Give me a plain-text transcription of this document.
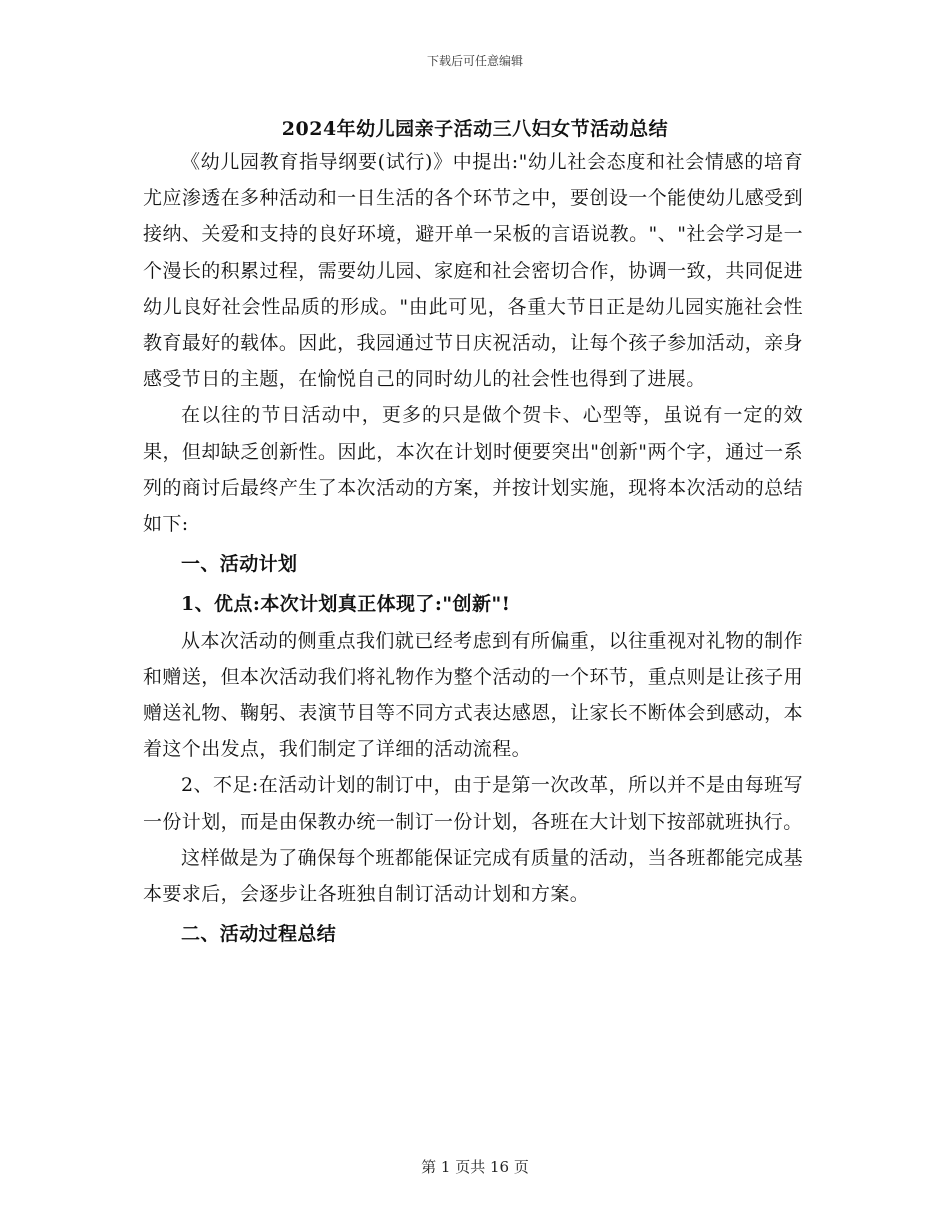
下载后可任意编辑
2024年幼儿园亲子活动三八妇女节活动总结

《幼儿园教育指导纲要(试行)》中提出:"幼儿社会态度和社会情感的培育尤应渗透在多种活动和一日生活的各个环节之中，要创设一个能使幼儿感受到接纳、关爱和支持的良好环境，避开单一呆板的言语说教。"、"社会学习是一个漫长的积累过程，需要幼儿园、家庭和社会密切合作，协调一致，共同促进幼儿良好社会性品质的形成。"由此可见，各重大节日正是幼儿园实施社会性教育最好的载体。因此，我园通过节日庆祝活动，让每个孩子参加活动，亲身感受节日的主题，在愉悦自己的同时幼儿的社会性也得到了进展。

在以往的节日活动中，更多的只是做个贺卡、心型等，虽说有一定的效果，但却缺乏创新性。因此，本次在计划时便要突出"创新"两个字，通过一系列的商讨后最终产生了本次活动的方案，并按计划实施，现将本次活动的总结如下:

一、活动计划

1、优点:本次计划真正体现了:"创新"!

从本次活动的侧重点我们就已经考虑到有所偏重，以往重视对礼物的制作和赠送，但本次活动我们将礼物作为整个活动的一个环节，重点则是让孩子用赠送礼物、鞠躬、表演节目等不同方式表达感恩，让家长不断体会到感动，本着这个出发点，我们制定了详细的活动流程。

2、不足:在活动计划的制订中，由于是第一次改革，所以并不是由每班写一份计划，而是由保教办统一制订一份计划，各班在大计划下按部就班执行。

这样做是为了确保每个班都能保证完成有质量的活动，当各班都能完成基本要求后，会逐步让各班独自制订活动计划和方案。

二、活动过程总结

第 1 页共 16 页
